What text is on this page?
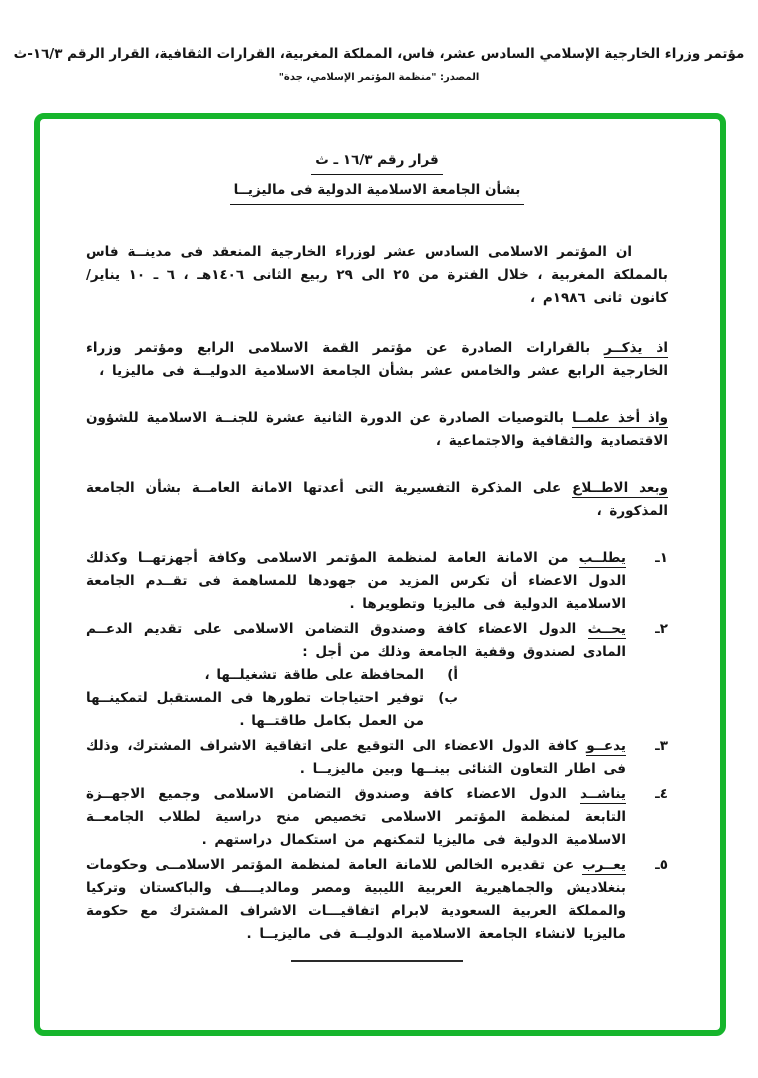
مؤتمر وزراء الخارجية الإسلامي السادس عشر، فاس، المملكة المغربية، القرارات الثقافية، القرار الرقم ١٦/٣-ث
المصدر: "منظمة المؤتمر الإسلامي، جدة"
قرار رقم ١٦/٣ ـ ث
بشأن الجامعة الاسلامية الدولية فى ماليزيــا

ان المؤتمر الاسلامى السادس عشر لوزراء الخارجية المنعقد فى مدينــة فاس بالمملكة المغربية ، خلال الفترة من ٢٥ الى ٢٩ ربيع الثانى ١٤٠٦هـ ، ٦ ـ ١٠ يناير/ كانون ثانى ١٩٨٦م ،

اذ يذكــر بالقرارات الصادرة عن مؤتمر القمة الاسلامى الرابع ومؤتمر وزراء الخارجية الرابع عشر والخامس عشر بشأن الجامعة الاسلامية الدوليــة فى ماليزيا ،

واذ أخذ علمــا بالتوصيات الصادرة عن الدورة الثانية عشرة للجنــة الاسلامية للشؤون الاقتصادية والثقافية والاجتماعية ،

وبعد الاطــلاع على المذكرة التفسيرية التى أعدتها الامانة العامــة بشأن الجامعة المذكورة ،

١ـ

يطلــب من الامانة العامة لمنظمة المؤتمر الاسلامى وكافة أجهزتهــا وكذلك الدول الاعضاء أن تكرس المزيد من جهودها للمساهمة فى تقــدم الجامعة الاسلامية الدولية فى ماليزيا وتطويرها .

٢ـ

يحــث الدول الاعضاء كافة وصندوق التضامن الاسلامى على تقديم الدعــم المادى لصندوق وقفية الجامعة وذلك من أجل :

أ)
المحافظة على طاقة تشغيلــها ،
ب)
توفير احتياجات تطورها فى المستقبل لتمكينــها من العمل بكامل طاقتــها .
٣ـ

يدعــو كافة الدول الاعضاء الى التوقيع على اتفاقية الاشراف المشترك، وذلك فى اطار التعاون الثنائى بينــها وبين ماليزيــا .

٤ـ

يناشــد الدول الاعضاء كافة وصندوق التضامن الاسلامى وجميع الاجهــزة التابعة لمنظمة المؤتمر الاسلامى تخصيص منح دراسية لطلاب الجامعــة الاسلامية الدولية فى ماليزيا لتمكنهم من استكمال دراستهم .

٥ـ

يعــرب عن تقديره الخالص للامانة العامة لمنظمة المؤتمر الاسلامــى وحكومات بنغلاديش والجماهيرية العربية الليبية ومصر ومالديــــف والباكستان وتركيا والمملكة العربية السعودية لابرام اتفاقيـــات الاشراف المشترك مع حكومة ماليزيا لانشاء الجامعة الاسلامية الدوليــة فى ماليزيــا .
